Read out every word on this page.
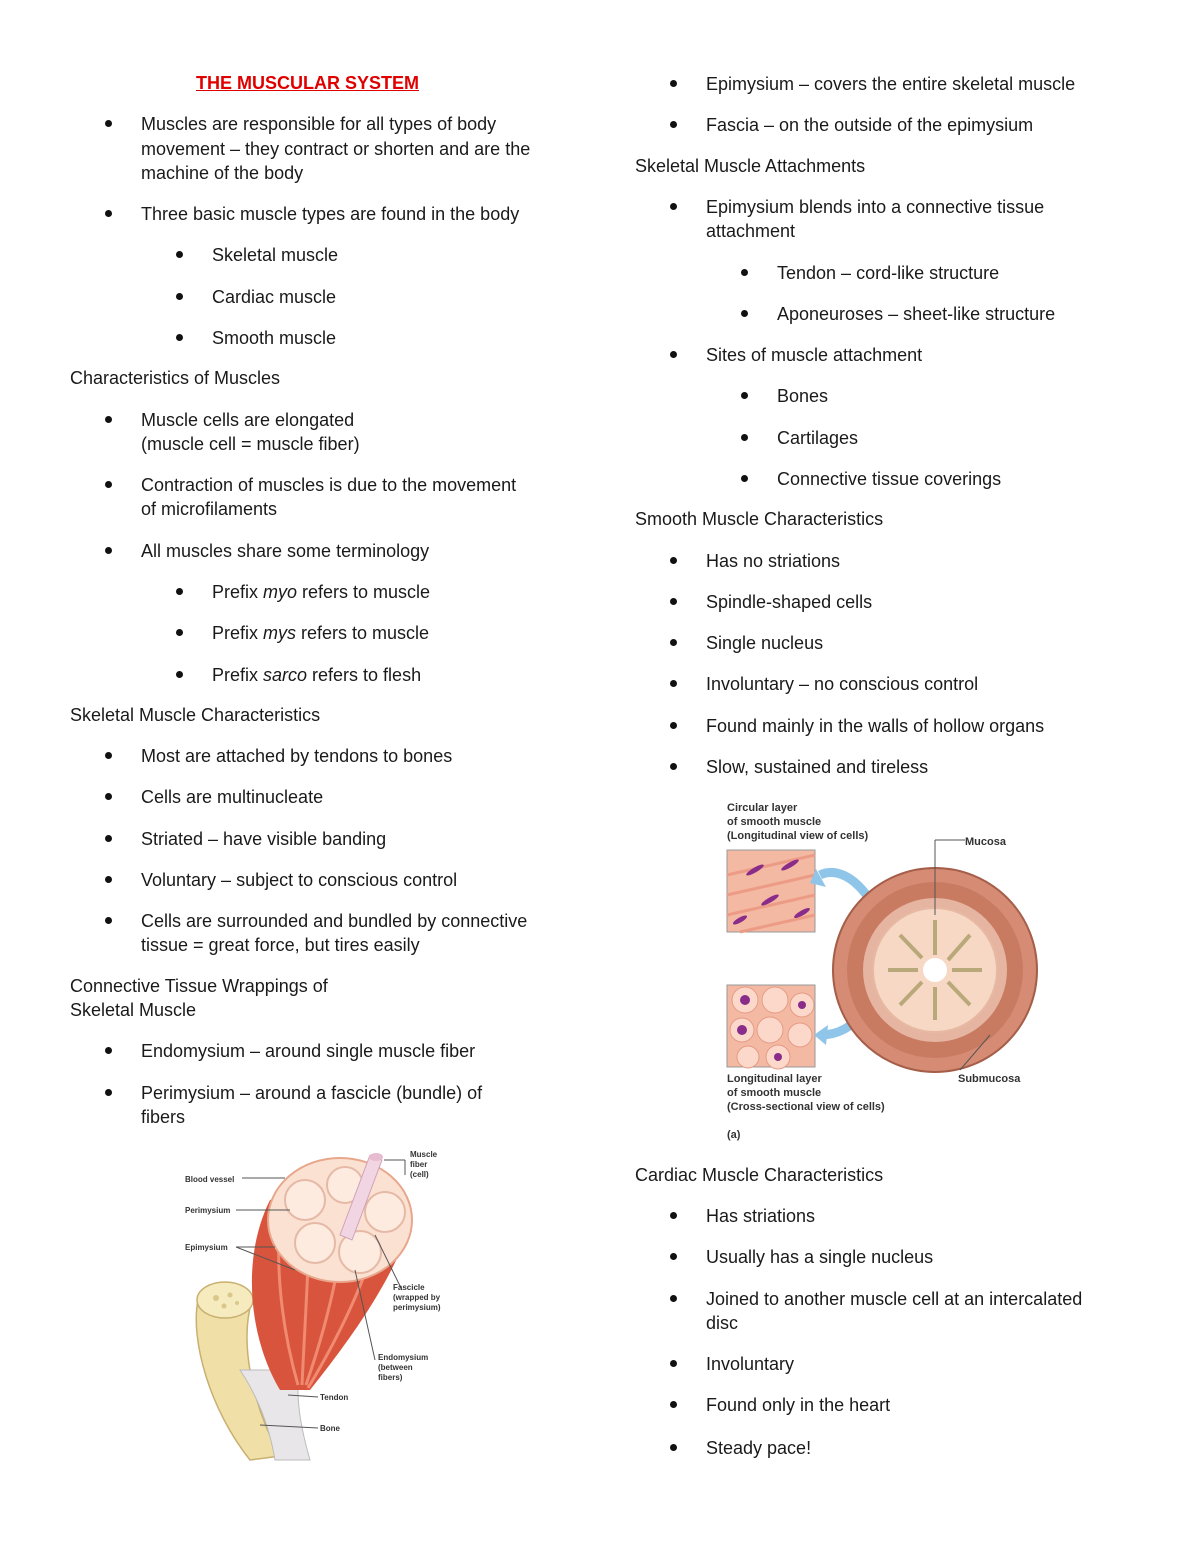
THE MUSCULAR SYSTEM
Muscles are responsible for all types of body
movement – they contract or shorten and are the
machine of the body
Three basic muscle types are found in the body
Skeletal muscle
Cardiac muscle
Smooth muscle
Characteristics of Muscles
Muscle cells are elongated
(muscle cell = muscle fiber)
Contraction of muscles is due to the movement
of microfilaments
All muscles share some terminology
Prefix myo refers to muscle
Prefix mys refers to muscle
Prefix sarco refers to flesh
Skeletal Muscle Characteristics
Most are attached by tendons to bones
Cells are multinucleate
Striated – have visible banding
Voluntary – subject to conscious control
Cells are surrounded and bundled by connective
tissue = great force, but tires easily
Connective Tissue Wrappings of
Skeletal Muscle
Endomysium – around single muscle fiber
Perimysium – around a fascicle (bundle) of
fibers
Blood vessel
Perimysium
Epimysium
Muscle
fiber
(cell)
Fascicle
(wrapped by
perimysium)
Endomysium
(between
fibers)
Tendon
Bone
Epimysium – covers the entire skeletal muscle
Fascia – on the outside of the epimysium
Skeletal Muscle Attachments
Epimysium blends into a connective tissue
attachment
Tendon – cord-like structure
Aponeuroses – sheet-like structure
Sites of muscle attachment
Bones
Cartilages
Connective tissue coverings
Smooth Muscle Characteristics
Has no striations
Spindle-shaped cells
Single nucleus
Involuntary – no conscious control
Found mainly in the walls of hollow organs
Slow, sustained and tireless
Circular layer
of smooth muscle
(Longitudinal view of cells)	Mucosa
Longitudinal layer
of smooth muscle
(Cross-sectional view of cells)
Submucosa
(a)
Cardiac Muscle Characteristics
Has striations
Usually has a single nucleus
Joined to another muscle cell at an intercalated
disc
Involuntary
Found only in the heart
Steady pace!
